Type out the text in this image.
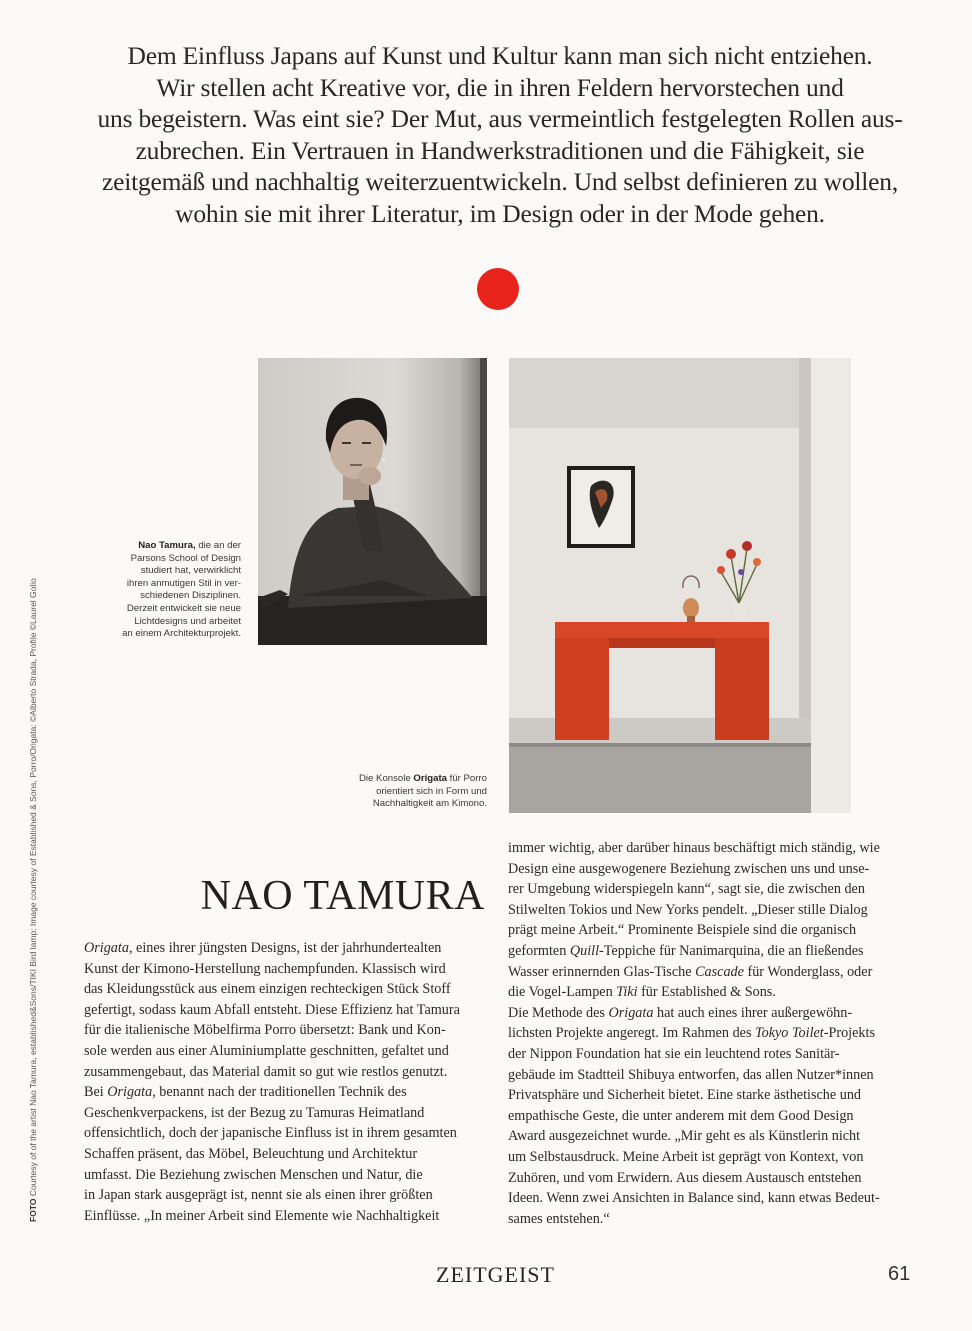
Dem Einfluss Japans auf Kunst und Kultur kann man sich nicht entziehen.
Wir stellen acht Kreative vor, die in ihren Feldern hervorstechen und
uns begeistern. Was eint sie? Der Mut, aus vermeintlich festgelegten Rollen aus-
zubrechen. Ein Vertrauen in Handwerkstraditionen und die Fähigkeit, sie
zeitgemäß und nachhaltig weiterzuentwickeln. Und selbst definieren zu wollen,
wohin sie mit ihrer Literatur, im Design oder in der Mode gehen.
FOTO Courtesy of of the artist Nao Tamura, established&Sons/TIKI Bird lamp: Image courtesy of Established & Sons, Porro/Origata: ©Alberto Strada, Profile ©Laurel Golio
Nao Tamura, die an der
Parsons School of Design
studiert hat, verwirklicht
ihren anmutigen Stil in ver-
schiedenen Disziplinen.
Derzeit entwickelt sie neue
Lichtdesigns und arbeitet
an einem Architekturprojekt.
Die Konsole Origata für Porro
orientiert sich in Form und
Nachhaltigkeit am Kimono.
NAO TAMURA
Origata, eines ihrer jüngsten Designs, ist der jahrhundertealten
Kunst der Kimono-Herstellung nachempfunden. Klassisch wird
das Kleidungsstück aus einem einzigen rechteckigen Stück Stoff
gefertigt, sodass kaum Abfall entsteht. Diese Effizienz hat Tamura
für die italienische Möbelfirma Porro übersetzt: Bank und Kon-
sole werden aus einer Aluminiumplatte geschnitten, gefaltet und
zusammengebaut, das Material damit so gut wie restlos genutzt.
Bei Origata, benannt nach der traditionellen Technik des
Geschenkverpackens, ist der Bezug zu Tamuras Heimatland
offensichtlich, doch der japanische Einfluss ist in ihrem gesamten
Schaffen präsent, das Möbel, Beleuchtung und Architektur
umfasst. Die Beziehung zwischen Menschen und Natur, die
in Japan stark ausgeprägt ist, nennt sie als einen ihrer größten
Einflüsse. „In meiner Arbeit sind Elemente wie Nachhaltigkeit
immer wichtig, aber darüber hinaus beschäftigt mich ständig, wie
Design eine ausgewogenere Beziehung zwischen uns und unse-
rer Umgebung widerspiegeln kann“, sagt sie, die zwischen den
Stilwelten Tokios und New Yorks pendelt. „Dieser stille Dialog
prägt meine Arbeit.“ Prominente Beispiele sind die organisch
geformten Quill-Teppiche für Nanimarquina, die an fließendes
Wasser erinnernden Glas-Tische Cascade für Wonderglass, oder
die Vogel-Lampen Tiki für Established & Sons.
Die Methode des Origata hat auch eines ihrer außergewöhn-
lichsten Projekte angeregt. Im Rahmen des Tokyo Toilet-Projekts
der Nippon Foundation hat sie ein leuchtend rotes Sanitär-
gebäude im Stadtteil Shibuya entworfen, das allen Nutzer*innen
Privatsphäre und Sicherheit bietet. Eine starke ästhetische und
empathische Geste, die unter anderem mit dem Good Design
Award ausgezeichnet wurde. „Mir geht es als Künstlerin nicht
um Selbstausdruck. Meine Arbeit ist geprägt von Kontext, von
Zuhören, und vom Erwidern. Aus diesem Austausch entstehen
Ideen. Wenn zwei Ansichten in Balance sind, kann etwas Bedeut-
sames entstehen.“
ZEITGEIST	61
